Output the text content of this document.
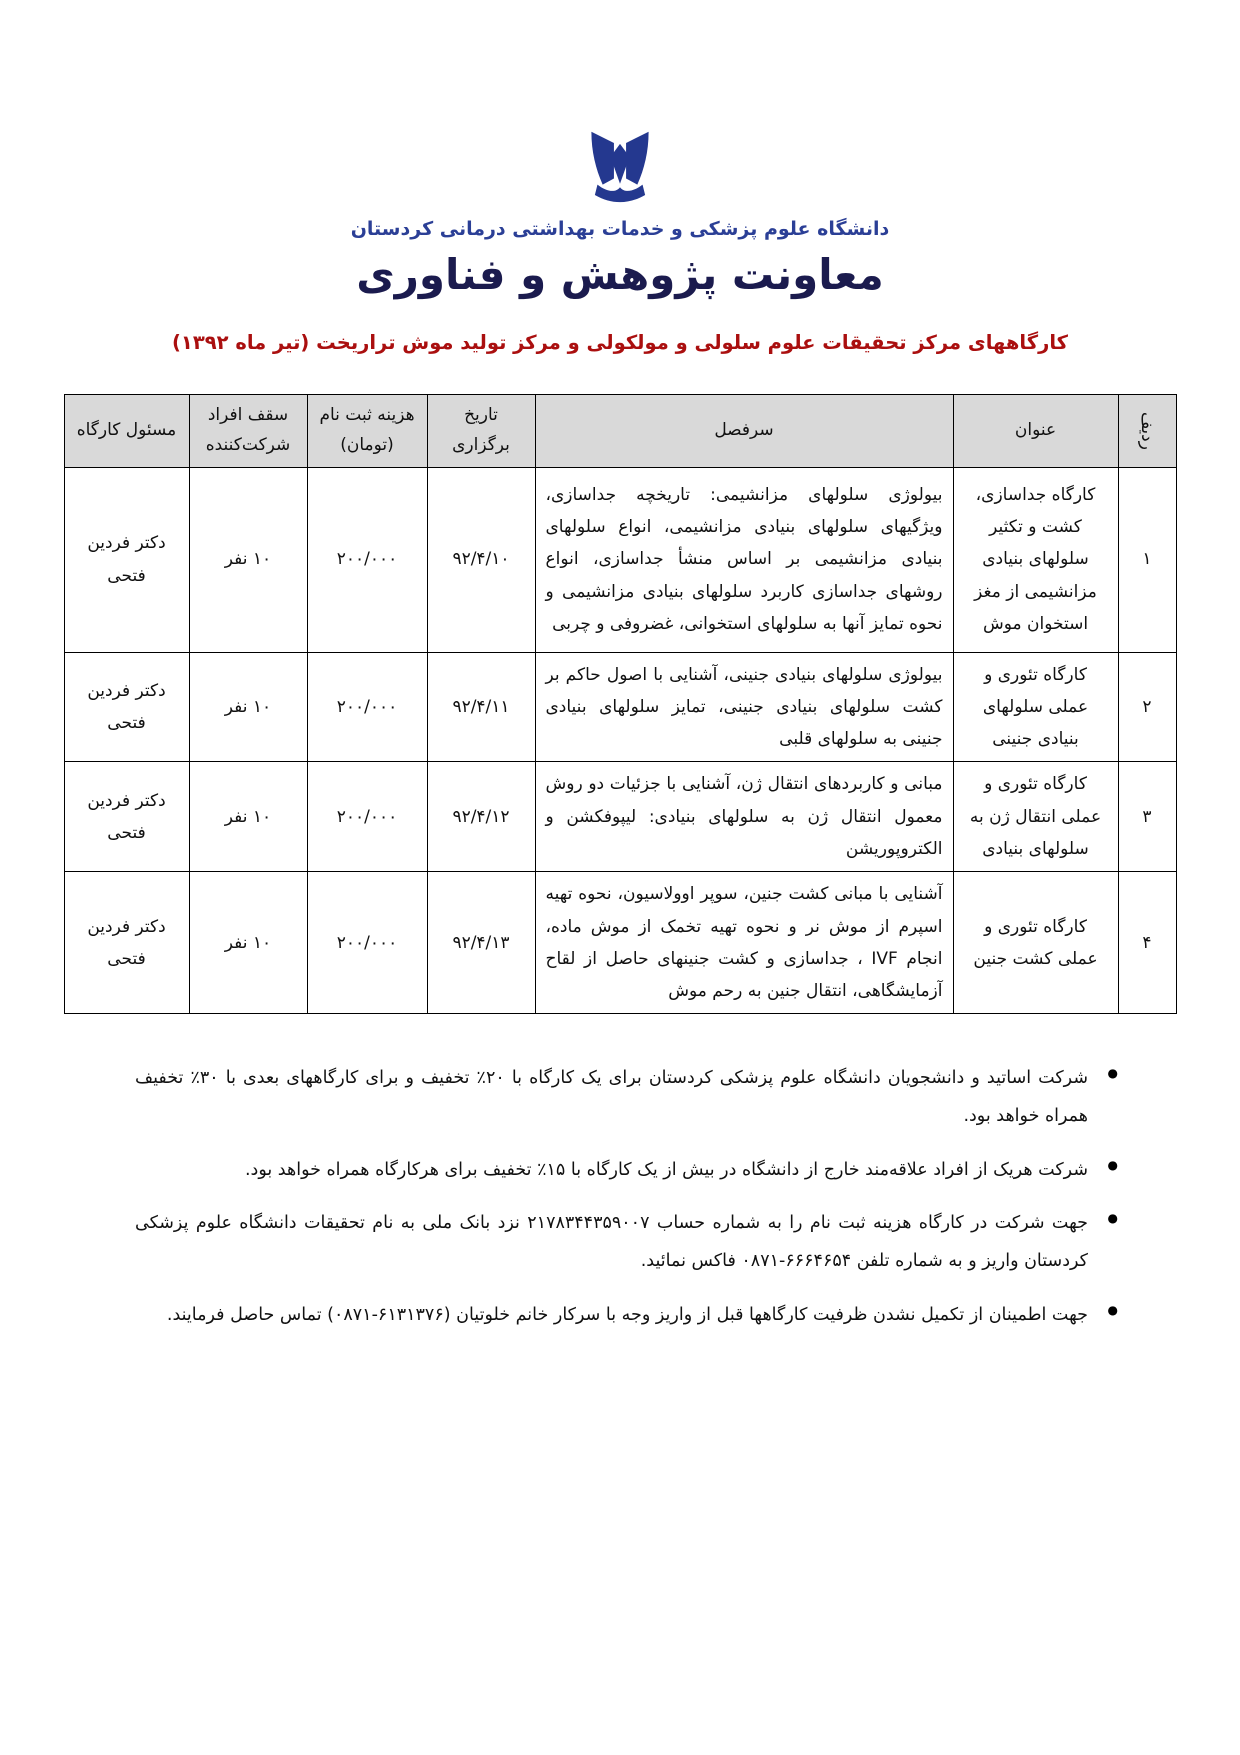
دانشگاه علوم پزشکی و خدمات بهداشتی درمانی کردستان
معاونت پژوهش و فناوری
کارگاههای مرکز تحقیقات علوم سلولی و مولکولی و مرکز تولید موش تراریخت (تیر ماه ۱۳۹۲)
ردیف	عنوان	سرفصل	تاریخ برگزاری	هزینه ثبت نام (تومان)	سقف افراد شرکت‌کننده	مسئول کارگاه
۱	کارگاه جداسازی، کشت و تکثیر سلولهای بنیادی مزانشیمی از مغز استخوان موش	بیولوژی سلولهای مزانشیمی: تاریخچه جداسازی، ویژگیهای سلولهای بنیادی مزانشیمی، انواع سلولهای بنیادی مزانشیمی بر اساس منشأ جداسازی، انواع روشهای جداسازی کاربرد سلولهای بنیادی مزانشیمی و نحوه تمایز آنها به سلولهای استخوانی، غضروفی و چربی	۹۲/۴/۱۰	۲۰۰/۰۰۰	۱۰ نفر	دکتر فردین فتحی
۲	کارگاه تئوری و عملی سلولهای بنیادی جنینی	بیولوژی سلولهای بنیادی جنینی، آشنایی با اصول حاکم بر کشت سلولهای بنیادی جنینی، تمایز سلولهای بنیادی جنینی به سلولهای قلبی	۹۲/۴/۱۱	۲۰۰/۰۰۰	۱۰ نفر	دکتر فردین فتحی
۳	کارگاه تئوری و عملی انتقال ژن به سلولهای بنیادی	مبانی و کاربردهای انتقال ژن، آشنایی با جزئیات دو روش معمول انتقال ژن به سلولهای بنیادی: لیپوفکشن و الکتروپوریشن	۹۲/۴/۱۲	۲۰۰/۰۰۰	۱۰ نفر	دکتر فردین فتحی
۴	کارگاه تئوری و عملی کشت جنین	آشنایی با مبانی کشت جنین، سوپر اوولاسیون، نحوه تهیه اسپرم از موش نر و نحوه تهیه تخمک از موش ماده، انجام IVF ، جداسازی و کشت جنینهای حاصل از لقاح آزمایشگاهی، انتقال جنین به رحم موش	۹۲/۴/۱۳	۲۰۰/۰۰۰	۱۰ نفر	دکتر فردین فتحی
● شرکت اساتید و دانشجویان دانشگاه علوم پزشکی کردستان برای یک کارگاه با ۲۰٪ تخفیف و برای کارگاههای بعدی با ۳۰٪ تخفیف همراه خواهد بود.
● شرکت هریک از افراد علاقه‌مند خارج از دانشگاه در بیش از یک کارگاه با ۱۵٪ تخفیف برای هرکارگاه همراه خواهد بود.
● جهت شرکت در کارگاه هزینه ثبت نام را به شماره حساب ۲۱۷۸۳۴۴۳۵۹۰۰۷ نزد بانک ملی به نام تحقیقات دانشگاه علوم پزشکی کردستان واریز و به شماره تلفن ۶۶۶۴۶۵۴-۰۸۷۱ فاکس نمائید.
● جهت اطمینان از تکمیل نشدن ظرفیت کارگاهها قبل از واریز وجه با سرکار خانم خلوتیان (۶۱۳۱۳۷۶-۰۸۷۱) تماس حاصل فرمایند.
